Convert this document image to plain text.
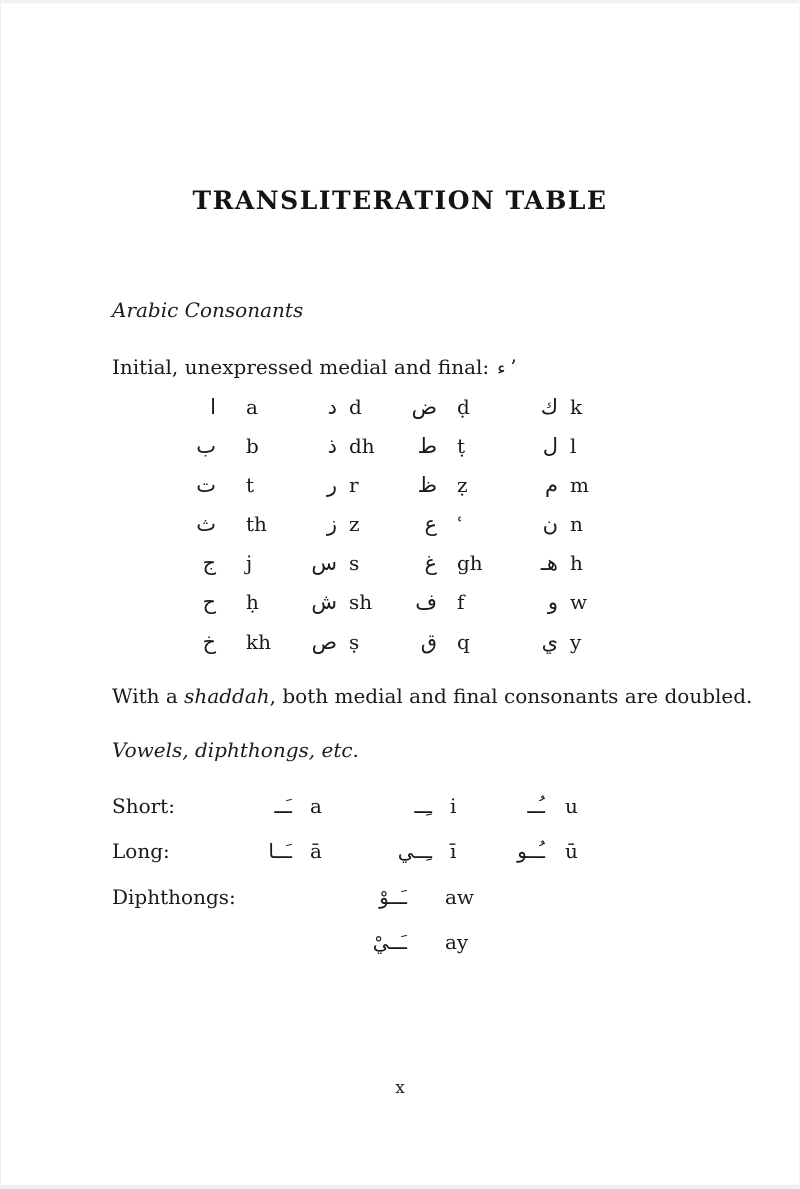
TRANSLITERATION TABLE
Arabic Consonants
Initial, unexpressed medial and final: ء ʼ
ا a	د d	ض ḍ	ك k
ب b	ذ dh	ط ṭ	ل l
ت t	ر r	ظ ẓ	م m
ث th	ز z	ع ʿ	ن n
ج j	س s	غ gh	هـ h
ح ḥ	ش sh	ف f	و w
خ kh	ص ṣ	ق q	ي y
With a shaddah, both medial and final consonants are doubled.
Vowels, diphthongs, etc.
Short:	ـَــ a	ـِــ i	ـُــ u
Long:	ـَــا ā	ـِــي ī	ـُــو ū
Diphthongs:	ـَــوْ aw
ـَــيْ ay
x
